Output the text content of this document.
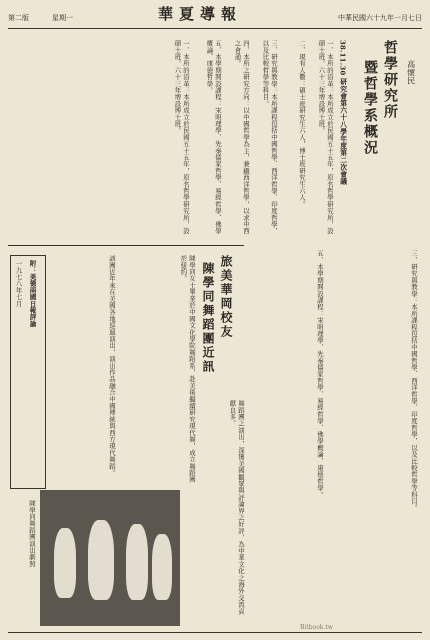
第二版	星期一	華夏導報	中華民國六十九年一月七日
哲學研究所
暨哲學系概況	高懷民
38.11.30 研究會第六十八學年度第二次會議
一、本所的沿革：本所成立於民國五十五年，原名哲學研究所，設碩士班，六十三年增設博士班。
二、現有人數：碩士班研究生六人，博士班研究生六人。
三、研究與教學：本所課程包括中國哲學、西洋哲學、印度哲學，以及比較哲學等科目。
四、本所之研究方向：以中國哲學為主，兼顧西洋哲學，以求中西之會通。
五、本學期開設課程：宋明理學、先秦儒家哲學、易經哲學、佛學概論、康德哲學。
三、研究與教學：本所課程包括中國哲學、西洋哲學、印度哲學，以及比較哲學等科目。
五、本學期開設課程：宋明理學、先秦儒家哲學、易經哲學、佛學概論、康德哲學。
一、本所的沿革：本所成立於民國五十五年，原名哲學研究所，設碩士班，六十三年增設博士班。
旅美華岡校友
陳學同舞蹈團近訊
陳學同女士畢業於中國文化學院舞蹈系，赴美後繼續研究現代舞，成立舞蹈團於紐約。
該團近年來在美國各地巡迴演出，演出作品融合中國傳統與西方現代舞蹈。
舞蹈團之演出，深獲美國觀眾與評論界之好評，為中華文化之海外交流貢獻良多。
附：美德兩國日報評論
一九七八年七月
陳學同舞蹈團演出劇照
Bitbook.tw
